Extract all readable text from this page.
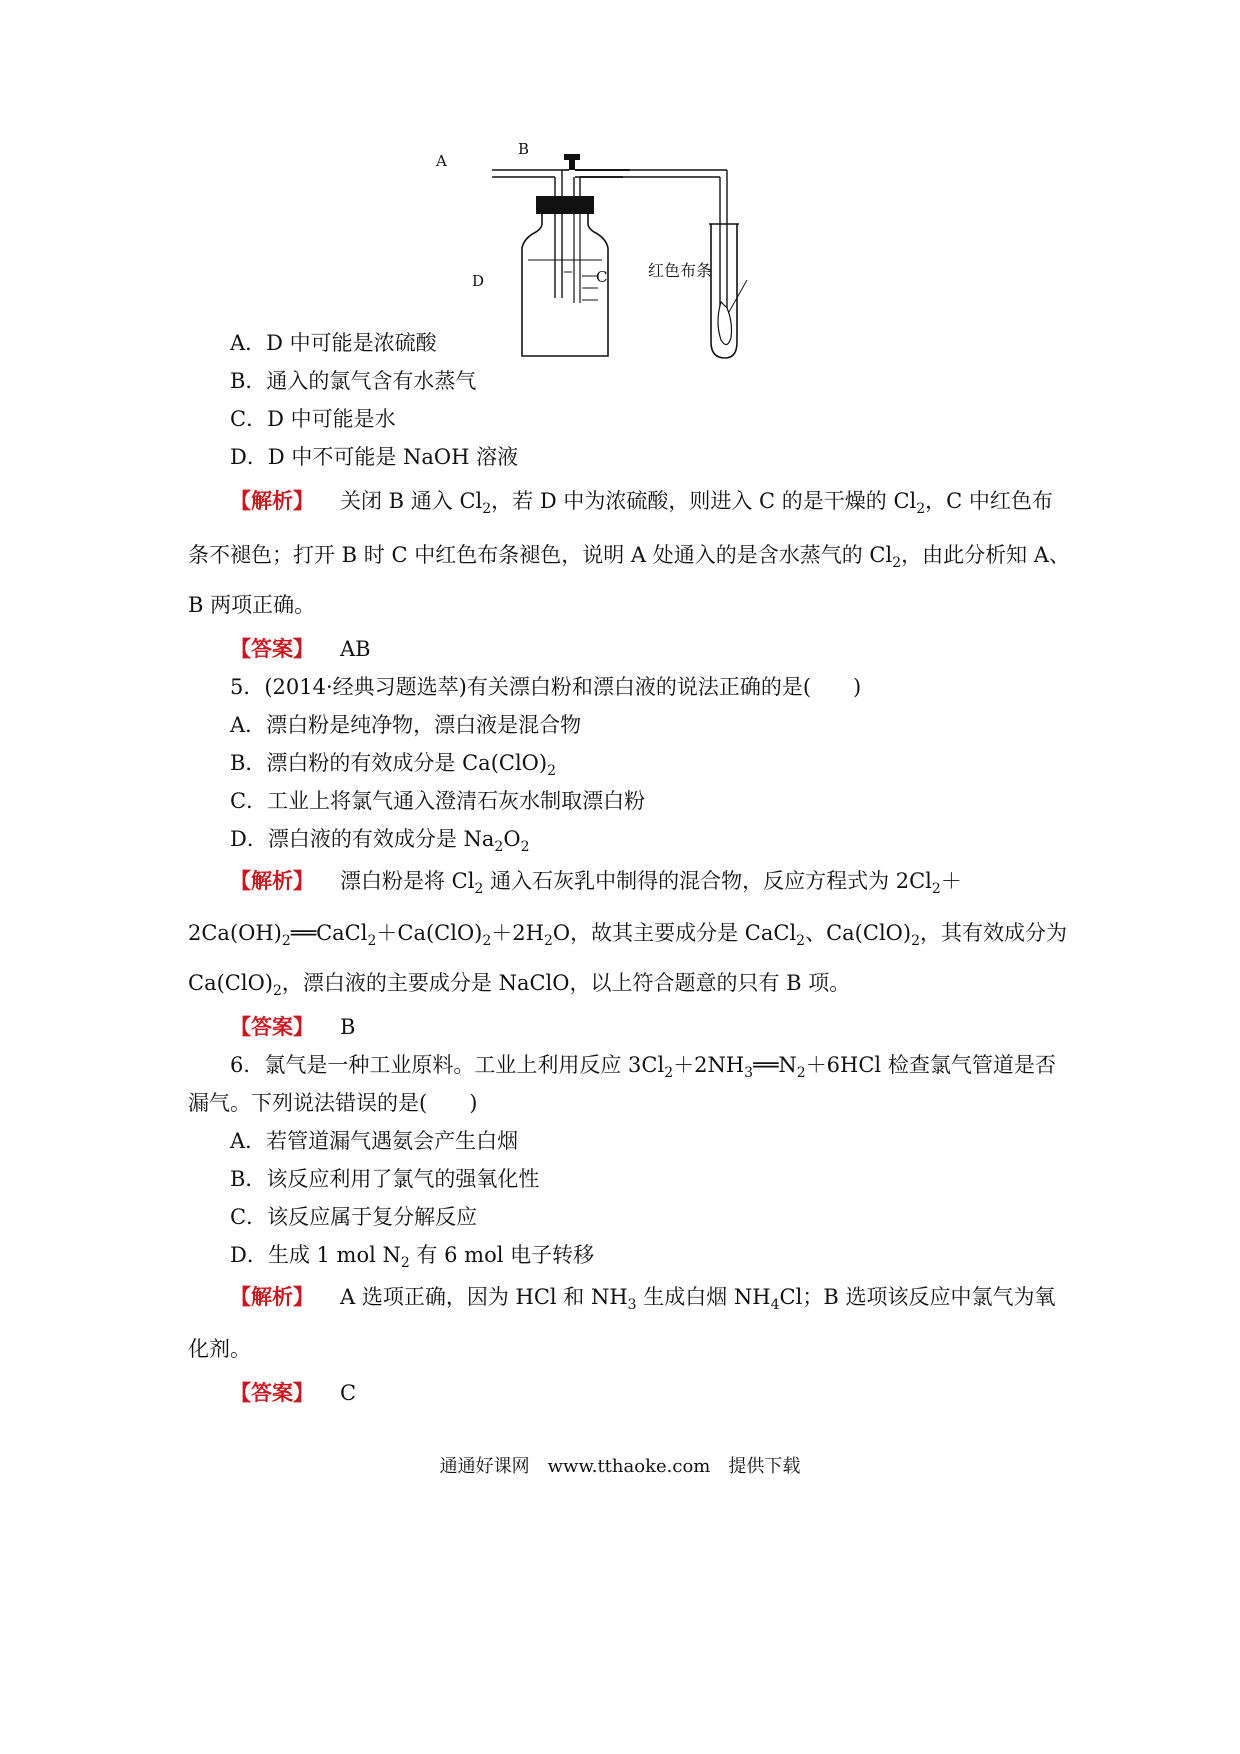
A
B
C
D
红色布条
A．D 中可能是浓硫酸
B．通入的氯气含有水蒸气
C．D 中可能是水
D．D 中不可能是 NaOH 溶液
【解析】 关闭 B 通入 $Cl_2$，若 D 中为浓硫酸，则进入 C 的是干燥的 $Cl_2$，C 中红色布
条不褪色；打开 B 时 C 中红色布条褪色，说明 A 处通入的是含水蒸气的 $Cl_2$，由此分析知 A、
B 两项正确。
【答案】 AB
5．(2014·经典习题选萃)有关漂白粉和漂白液的说法正确的是(　　)
A．漂白粉是纯净物，漂白液是混合物
B．漂白粉的有效成分是 $Ca(ClO)_2$
C．工业上将氯气通入澄清石灰水制取漂白粉
D．漂白液的有效成分是 $Na_2O_2$
【解析】 漂白粉是将 $Cl_2$ 通入石灰乳中制得的混合物，反应方程式为 $2Cl_2+$
$2Ca(OH)_2══CaCl_2+Ca(ClO)_2+2H_2O$，故其主要成分是 CaCl$_2$、$Ca(ClO)_2$，其有效成分为
$Ca(ClO)_2$，漂白液的主要成分是 NaClO，以上符合题意的只有 B 项。
【答案】 B
6．氯气是一种工业原料。工业上利用反应 $3Cl_2+2NH_3══N_2+6HCl$ 检查氯气管道是否
漏气。下列说法错误的是(　　)
A．若管道漏气遇氨会产生白烟
B．该反应利用了氯气的强氧化性
C．该反应属于复分解反应
D．生成 1 mol $N_2$ 有 6 mol 电子转移
【解析】 A 选项正确，因为 HCl 和 $NH_3$ 生成白烟 $NH_4Cl$；B 选项该反应中氯气为氧
化剂。
【答案】 C
通通好课网　www.tthaoke.com　提供下载
